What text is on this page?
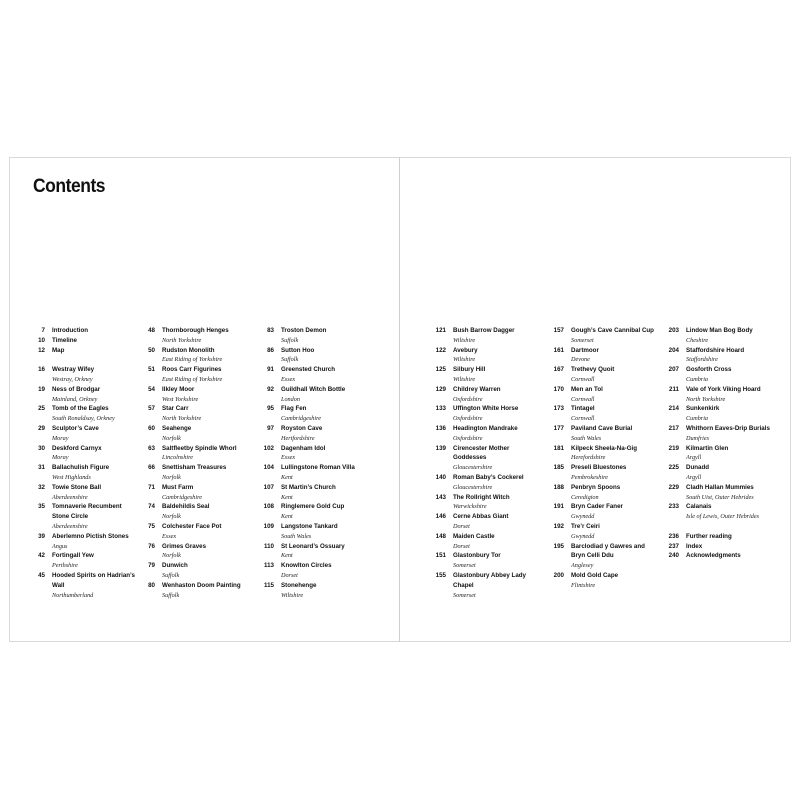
Contents
7 Introduction
10 Timeline
12 Map

16 Westray Wifey
Westray, Orkney
19 Ness of Brodgar
Mainland, Orkney
25 Tomb of the Eagles
South Ronaldsay, Orkney
29 Sculptor’s Cave
Moray
30 Deskford Carnyx
Moray
31 Ballachulish Figure
West Highlands
32 Towie Stone Ball
Aberdeenshire
35 Tomnaverie Recumbent Stone Circle
Aberdeenshire
39 Aberlemno Pictish Stones
Angus
42 Fortingall Yew
Perthshire
45 Hooded Spirits on Hadrian’s Wall
Northumberland
48 Thornborough Henges
North Yorkshire
50 Rudston Monolith
East Riding of Yorkshire
51 Roos Carr Figurines
East Riding of Yorkshire
54 Ilkley Moor
West Yorkshire
57 Star Carr
North Yorkshire
60 Seahenge
Norfolk
63 Saltfleetby Spindle Whorl
Lincolnshire
66 Snettisham Treasures
Norfolk
71 Must Farm
Cambridgeshire
74 Baldehildis Seal
Norfolk
75 Colchester Face Pot
Essex
76 Grimes Graves
Norfolk
79 Dunwich
Suffolk
80 Wenhaston Doom Painting
Suffolk
83 Troston Demon
Suffolk
86 Sutton Hoo
Suffolk
91 Greensted Church
Essex
92 Guildhall Witch Bottle
London
95 Flag Fen
Cambridgeshire
97 Royston Cave
Hertfordshire
102 Dagenham Idol
Essex
104 Lullingstone Roman Villa
Kent
107 St Martin’s Church
Kent
108 Ringlemere Gold Cup
Kent
109 Langstone Tankard
South Wales
110 St Leonard’s Ossuary
Kent
113 Knowlton Circles
Dorset
115 Stonehenge
Wiltshire
121 Bush Barrow Dagger
Wiltshire
122 Avebury
Wiltshire
125 Silbury Hill
Wiltshire
129 Childrey Warren
Oxfordshire
133 Uffington White Horse
Oxfordshire
136 Headington Mandrake
Oxfordshire
139 Cirencester Mother Goddesses
Gloucestershire
140 Roman Baby’s Cockerel
Gloucestershire
143 The Rollright Witch
Warwickshire
146 Cerne Abbas Giant
Dorset
148 Maiden Castle
Dorset
151 Glastonbury Tor
Somerset
155 Glastonbury Abbey Lady Chapel
Somerset
157 Gough’s Cave Cannibal Cup
Somerset
161 Dartmoor
Devone
167 Trethevy Quoit
Cornwall
170 Men an Tol
Cornwall
173 Tintagel
Cornwall
177 Paviland Cave Burial
South Wales
181 Kilpeck Sheela-Na-Gig
Herefordshire
185 Preseli Bluestones
Pembrokeshire
188 Penbryn Spoons
Ceredigion
191 Bryn Cader Faner
Gwynedd
192 Tre’r Ceiri
Gwynedd
195 Barclodiad y Gawres and Bryn Celli Ddu
Anglesey
200 Mold Gold Cape
Flintshire
203 Lindow Man Bog Body
Cheshire
204 Staffordshire Hoard
Staffordshire
207 Gosforth Cross
Cumbria
211 Vale of York Viking Hoard
North Yorkshire
214 Sunkenkirk
Cumbria
217 Whithorn Eaves-Drip Burials
Dumfries
219 Kilmartin Glen
Argyll
225 Dunadd
Argyll
229 Cladh Hallan Mummies
South Uist, Outer Hebrides
233 Calanais
Isle of Lewis, Outer Hebrides

236 Further reading
237 Index
240 Acknowledgments
